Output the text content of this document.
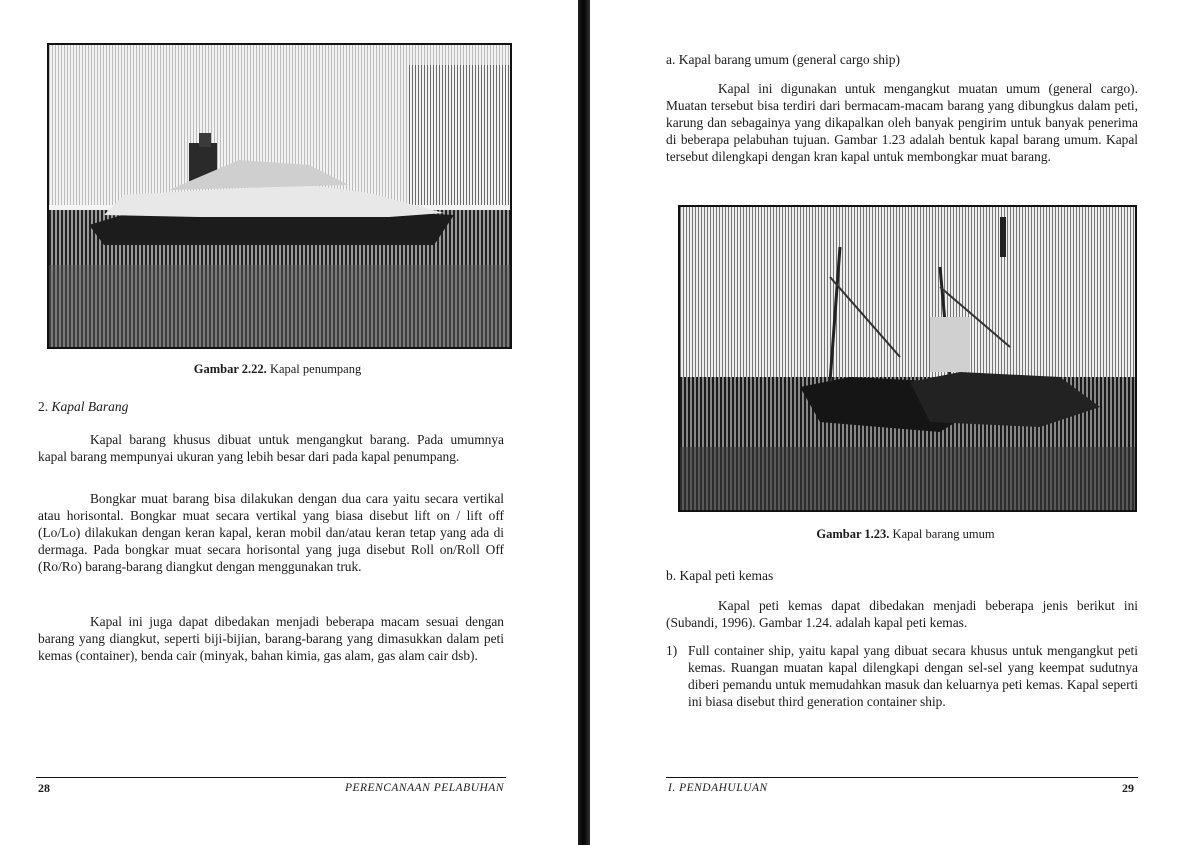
Gambar 2.22. Kapal penumpang
2. Kapal Barang

Kapal barang khusus dibuat untuk mengangkut barang. Pada umumnya kapal barang mempunyai ukuran yang lebih besar dari pada kapal penumpang.

Bongkar muat barang bisa dilakukan dengan dua cara yaitu secara vertikal atau horisontal. Bongkar muat secara vertikal yang biasa disebut lift on / lift off (Lo/Lo) dilakukan dengan keran kapal, keran mobil dan/atau keran tetap yang ada di dermaga. Pada bongkar muat secara horisontal yang juga disebut Roll on/Roll Off (Ro/Ro) barang-barang diangkut dengan menggunakan truk.

Kapal ini juga dapat dibedakan menjadi beberapa macam sesuai dengan barang yang diangkut, seperti biji-bijian, barang-barang yang dimasukkan dalam peti kemas (container), benda cair (minyak, bahan kimia, gas alam, gas alam cair dsb).

28	PERENCANAAN PELABUHAN
a. Kapal barang umum (general cargo ship)

Kapal ini digunakan untuk mengangkut muatan umum (general cargo). Muatan tersebut bisa terdiri dari bermacam-macam barang yang dibungkus dalam peti, karung dan sebagainya yang dikapalkan oleh banyak pengirim untuk banyak penerima di beberapa pelabuhan tujuan. Gambar 1.23 adalah bentuk kapal barang umum. Kapal tersebut dilengkapi dengan kran kapal untuk membongkar muat barang.

Gambar 1.23. Kapal barang umum
b. Kapal peti kemas

Kapal peti kemas dapat dibedakan menjadi beberapa jenis berikut ini (Subandi, 1996). Gambar 1.24. adalah kapal peti kemas.

1) Full container ship, yaitu kapal yang dibuat secara khusus untuk mengangkut peti kemas. Ruangan muatan kapal dilengkapi dengan sel-sel yang keempat sudutnya diberi pemandu untuk memudahkan masuk dan keluarnya peti kemas. Kapal seperti ini biasa disebut third generation container ship.
I. PENDAHULUAN	29
